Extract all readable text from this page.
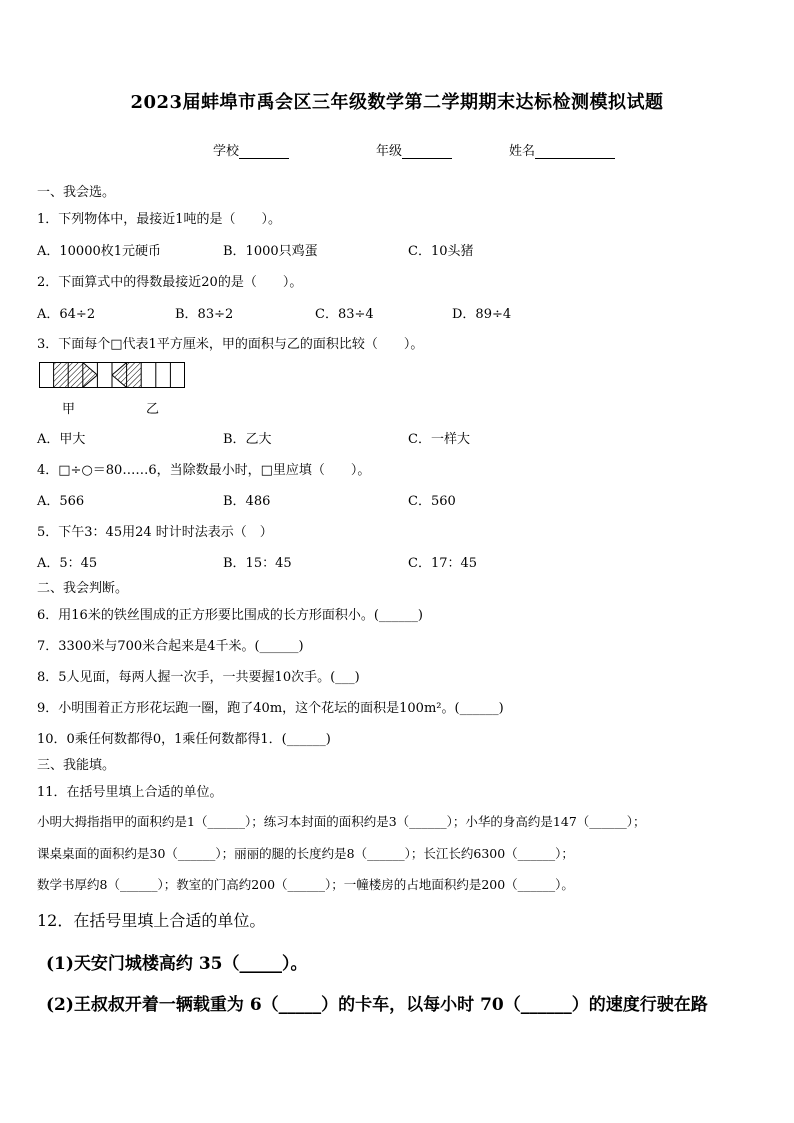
2023届蚌埠市禹会区三年级数学第二学期期末达标检测模拟试题
学校	年级	姓名
一、我会选。
1．下列物体中，最接近1吨的是（　　）。
A．10000枚1元硬币	B．1000只鸡蛋	C．10头猪
2．下面算式中的得数最接近20的是（　　）。
A．64÷2	B．83÷2	C．83÷4	D．89÷4
3．下面每个□代表1平方厘米，甲的面积与乙的面积比较（　　）。
甲	乙
A．甲大	B．乙大	C．一样大
4．□÷○＝80……6，当除数最小时，□里应填（　　）。
A．566	B．486	C．560
5．下午3：45用24 时计时法表示（　）
A．5：45	B．15：45	C．17：45
二、我会判断。
6．用16米的铁丝围成的正方形要比围成的长方形面积小。(______)
7．3300米与700米合起来是4千米。(______)
8．5人见面，每两人握一次手，一共要握10次手。(___)
9．小明围着正方形花坛跑一圈，跑了40m，这个花坛的面积是100m²。(______)
10．0乘任何数都得0，1乘任何数都得1．(______)
三、我能填。
11．在括号里填上合适的单位。
小明大拇指指甲的面积约是1（______）；练习本封面的面积约是3（______）；小华的身高约是147（______）；
课桌桌面的面积约是30（______）；丽丽的腿的长度约是8（______）；长江长约6300（______）；
数学书厚约8（______）；教室的门高约200（______）；一幢楼房的占地面积约是200（______）。
12．在括号里填上合适的单位。
(1)天安门城楼高约 35（_____）。
(2)王叔叔开着一辆载重为 6（_____）的卡车，以每小时 70（______）的速度行驶在路
